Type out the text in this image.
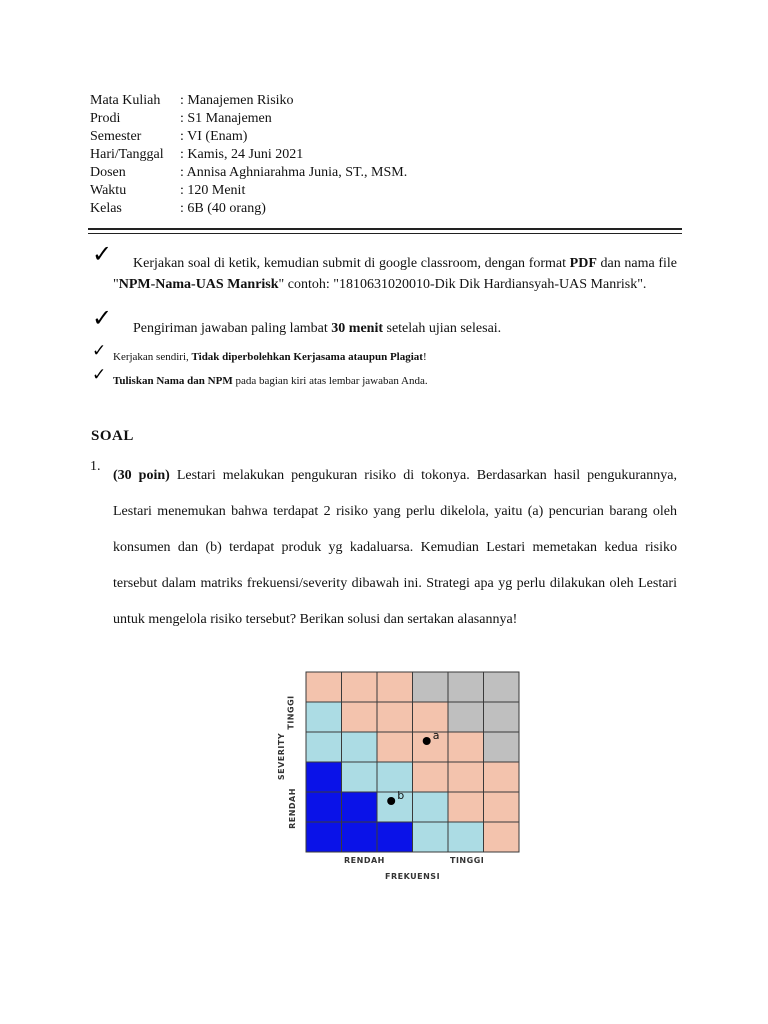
Mata Kuliah : Manajemen Risiko
Prodi	: S1 Manajemen
Semester	: VI (Enam)
Hari/Tanggal : Kamis, 24 Juni 2021
Dosen	: Annisa Aghniarahma Junia, ST., MSM.
Waktu	: 120 Menit
Kelas	: 6B (40 orang)
✓	Kerjakan soal di ketik, kemudian submit di google classroom, dengan format PDF dan nama file "NPM-Nama-UAS Manrisk" contoh: "1810631020010-Dik Dik Hardiansyah-UAS Manrisk".
✓ Pengiriman jawaban paling lambat 30 menit setelah ujian selesai.
✓ Kerjakan sendiri, Tidak diperbolehkan Kerjasama ataupun Plagiat!
✓ Tuliskan Nama dan NPM pada bagian kiri atas lembar jawaban Anda.
SOAL
1.
(30 poin) Lestari melakukan pengukuran risiko di tokonya. Berdasarkan hasil pengukurannya, Lestari menemukan bahwa terdapat 2 risiko yang perlu dikelola, yaitu (a) pencurian barang oleh konsumen dan (b) terdapat produk yg kadaluarsa. Kemudian Lestari memetakan kedua risiko tersebut dalam matriks frekuensi/severity dibawah ini. Strategi apa yg perlu dilakukan oleh Lestari untuk mengelola risiko tersebut? Berikan solusi dan sertakan alasannya!
a
b
SEVERITY
TINGGI
RENDAH
RENDAH	TINGGI
FREKUENSI
